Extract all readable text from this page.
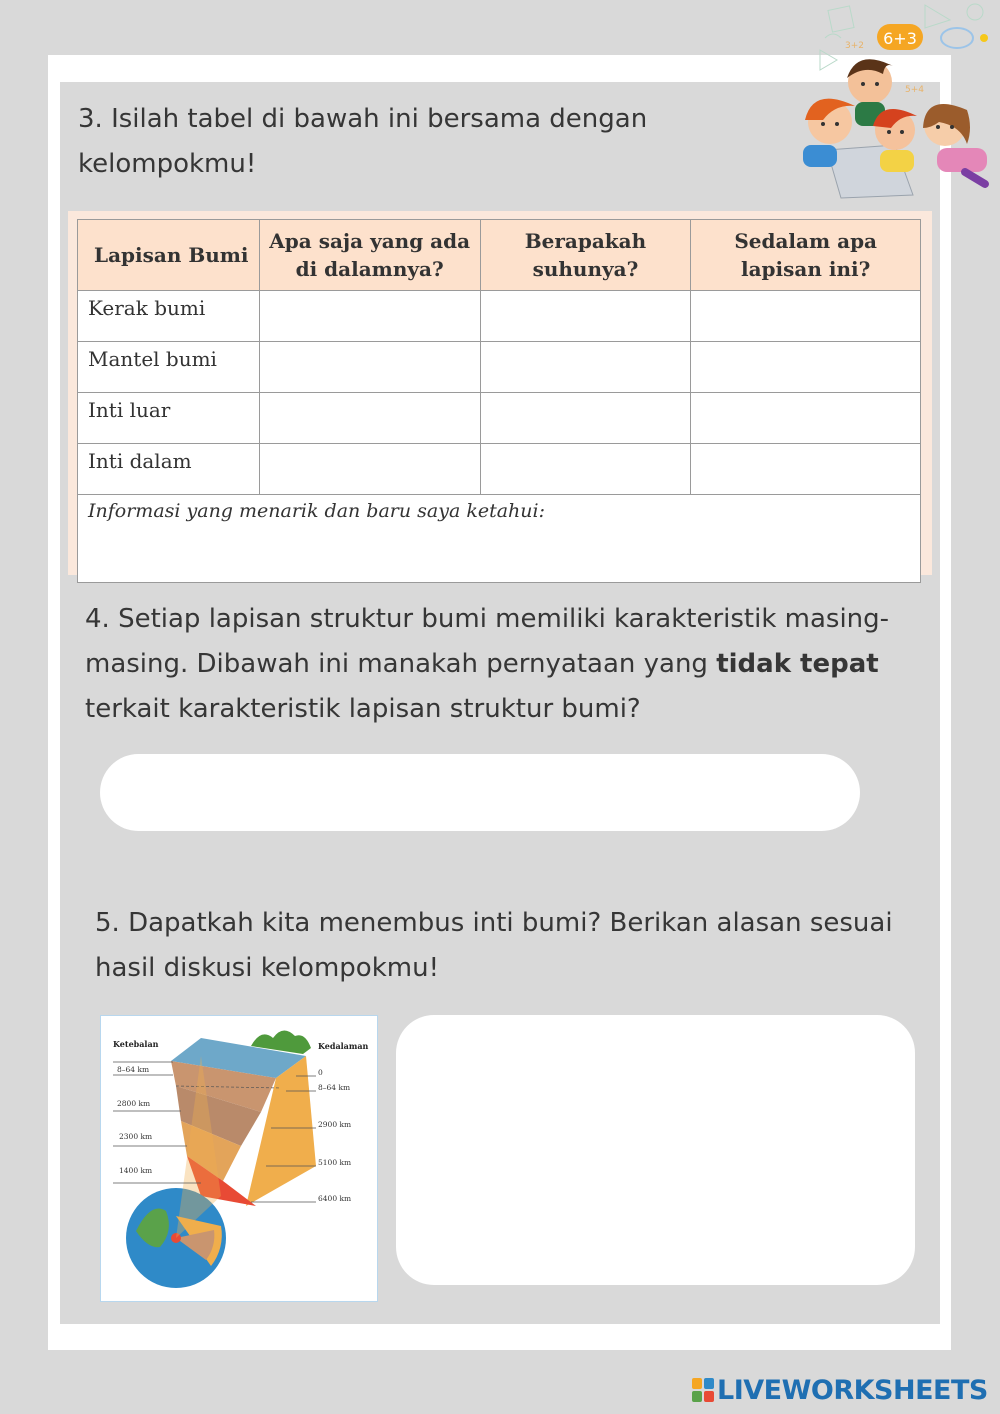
6+3
3+2
5+4
3. Isilah tabel di bawah ini bersama dengan kelompokmu!
Lapisan Bumi	Apa saja yang ada di dalamnya?	Berapakah suhunya?	Sedalam apa lapisan ini?
Kerak bumi			
Mantel bumi			
Inti luar			
Inti dalam			
Informasi yang menarik dan baru saya ketahui:			
4. Setiap lapisan struktur bumi memiliki karakteristik masing-masing. Dibawah ini manakah pernyataan yang tidak tepat terkait karakteristik lapisan struktur bumi?
5. Dapatkah kita menembus inti bumi? Berikan alasan sesuai hasil diskusi kelompokmu!
Ketebalan	Kedalaman
8–64 km
2800 km
2300 km
1400 km
0
8–64 km
2900 km
5100 km
6400 km
LIVEWORKSHEETS
